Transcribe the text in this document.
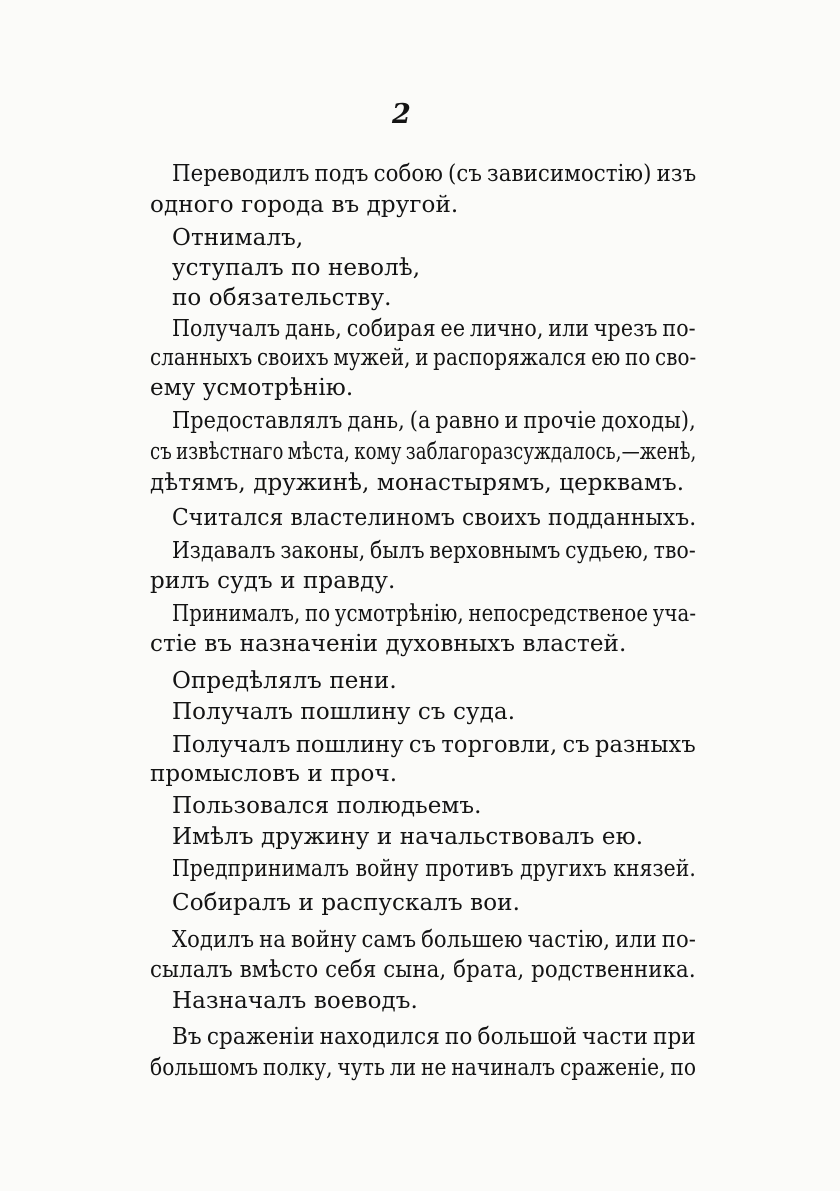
2
Переводилъ подъ собою (съ зависимостію) изъ
одного города въ другой.
Отнималъ,
уступалъ по неволѣ,
по обязательству.
Получалъ дань, собирая ее лично, или чрезъ по-
сланныхъ своихъ мужей, и распоряжался ею по сво-
ему усмотрѣнію.
Предоставлялъ дань, (а равно и прочіе доходы),
съ извѣстнаго мѣста, кому заблагоразсуждалось,—женѣ,
дѣтямъ, дружинѣ, монастырямъ, церквамъ.
Считался властелиномъ своихъ подданныхъ.
Издавалъ законы, былъ верховнымъ судьею, тво-
рилъ судъ и правду.
Принималъ, по усмотрѣнію, непосредственое уча-
стіе въ назначеніи духовныхъ властей.
Опредѣлялъ пени.
Получалъ пошлину съ суда.
Получалъ пошлину съ торговли, съ разныхъ
промысловъ и проч.
Пользовался полюдьемъ.
Имѣлъ дружину и начальствовалъ ею.
Предпринималъ войну противъ другихъ князей.
Собиралъ и распускалъ вои.
Ходилъ на войну самъ большею частію, или по-
сылалъ вмѣсто себя сына, брата, родственника.
Назначалъ воеводъ.
Въ сраженіи находился по большой части при
большомъ полку, чуть ли не начиналъ сраженіе, по
